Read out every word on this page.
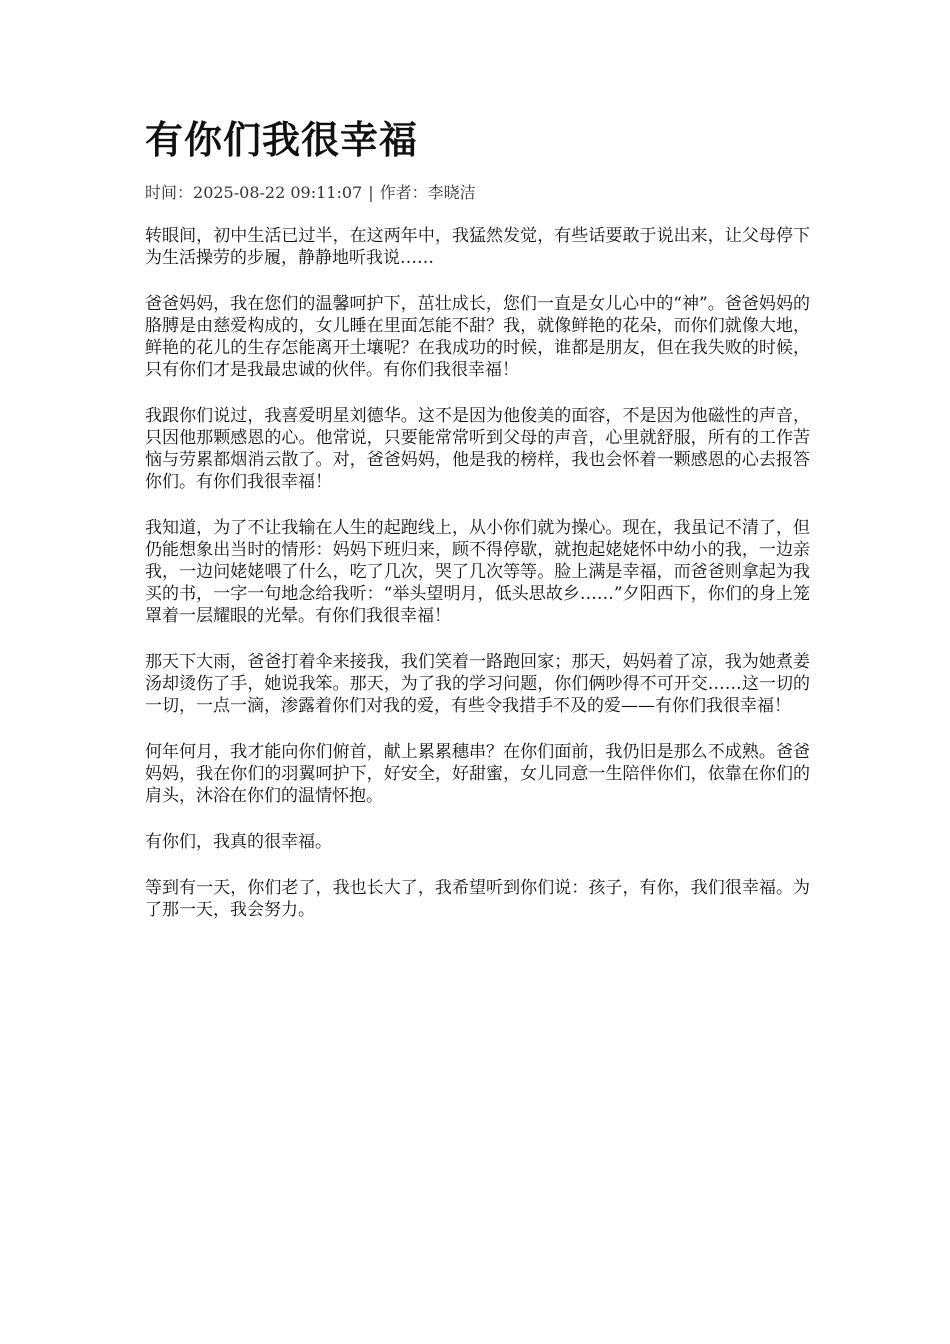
有你们我很幸福
时间：2025-08-22 09:11:07 | 作者：李晓洁

转眼间，初中生活已过半，在这两年中，我猛然发觉，有些话要敢于说出来，让父母停下为生活操劳的步履，静静地听我说……

爸爸妈妈，我在您们的温馨呵护下，茁壮成长，您们一直是女儿心中的“神”。爸爸妈妈的胳膊是由慈爱构成的，女儿睡在里面怎能不甜？我，就像鲜艳的花朵，而你们就像大地，鲜艳的花儿的生存怎能离开土壤呢？在我成功的时候，谁都是朋友，但在我失败的时候，只有你们才是我最忠诚的伙伴。有你们我很幸福！

我跟你们说过，我喜爱明星刘德华。这不是因为他俊美的面容，不是因为他磁性的声音，只因他那颗感恩的心。他常说，只要能常常听到父母的声音，心里就舒服，所有的工作苦恼与劳累都烟消云散了。对，爸爸妈妈，他是我的榜样，我也会怀着一颗感恩的心去报答你们。有你们我很幸福！

我知道，为了不让我输在人生的起跑线上，从小你们就为操心。现在，我虽记不清了，但仍能想象出当时的情形：妈妈下班归来，顾不得停歇，就抱起姥姥怀中幼小的我，一边亲我，一边问姥姥喂了什么，吃了几次，哭了几次等等。脸上满是幸福，而爸爸则拿起为我买的书，一字一句地念给我听：“举头望明月，低头思故乡……”夕阳西下，你们的身上笼罩着一层耀眼的光晕。有你们我很幸福！

那天下大雨，爸爸打着伞来接我，我们笑着一路跑回家；那天，妈妈着了凉，我为她煮姜汤却烫伤了手，她说我笨。那天，为了我的学习问题，你们俩吵得不可开交……这一切的一切，一点一滴，渗露着你们对我的爱，有些令我措手不及的爱——有你们我很幸福！

何年何月，我才能向你们俯首，献上累累穗串？在你们面前，我仍旧是那么不成熟。爸爸妈妈，我在你们的羽翼呵护下，好安全，好甜蜜，女儿同意一生陪伴你们，依靠在你们的肩头，沐浴在你们的温情怀抱。

有你们，我真的很幸福。

等到有一天，你们老了，我也长大了，我希望听到你们说：孩子，有你，我们很幸福。为了那一天，我会努力。
